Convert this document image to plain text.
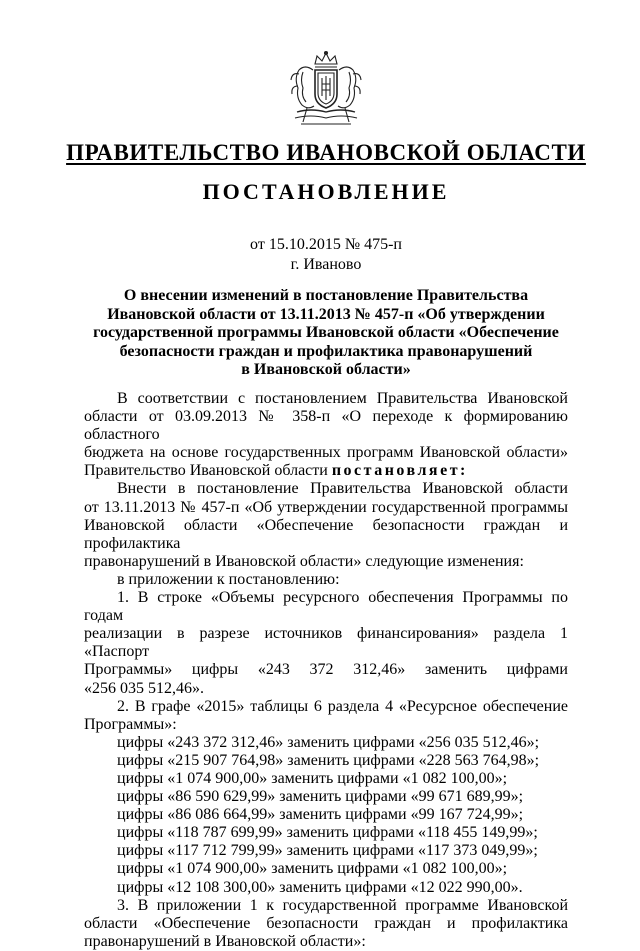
ПРАВИТЕЛЬСТВО ИВАНОВСКОЙ ОБЛАСТИ
ПОСТАНОВЛЕНИЕ
от 15.10.2015 № 475-п
г. Иваново
О внесении изменений в постановление Правительства
Ивановской области от 13.11.2013 № 457-п «Об утверждении
государственной программы Ивановской области «Обеспечение
безопасности граждан и профилактика правонарушений
в Ивановской области»

В соответствии с постановлением Правительства Ивановской

области от 03.09.2013 № 358-п «О переходе к формированию областного

бюджета на основе государственных программ Ивановской области»

Правительство Ивановской области постановляет:

Внести в постановление Правительства Ивановской области

от 13.11.2013 № 457-п «Об утверждении государственной программы

Ивановской области «Обеспечение безопасности граждан и профилактика

правонарушений в Ивановской области» следующие изменения:

в приложении к постановлению:

1. В строке «Объемы ресурсного обеспечения Программы по годам

реализации в разрезе источников финансирования» раздела 1 «Паспорт

Программы» цифры «243 372 312,46» заменить цифрами

«256 035 512,46».

2. В графе «2015» таблицы 6 раздела 4 «Ресурсное обеспечение

Программы»:

цифры «243 372 312,46» заменить цифрами «256 035 512,46»;

цифры «215 907 764,98» заменить цифрами «228 563 764,98»;

цифры «1 074 900,00» заменить цифрами «1 082 100,00»;

цифры «86 590 629,99» заменить цифрами «99 671 689,99»;

цифры «86 086 664,99» заменить цифрами «99 167 724,99»;

цифры «118 787 699,99» заменить цифрами «118 455 149,99»;

цифры «117 712 799,99» заменить цифрами «117 373 049,99»;

цифры «1 074 900,00» заменить цифрами «1 082 100,00»;

цифры «12 108 300,00» заменить цифрами «12 022 990,00».

3. В приложении 1 к государственной программе Ивановской

области «Обеспечение безопасности граждан и профилактика

правонарушений в Ивановской области»:
